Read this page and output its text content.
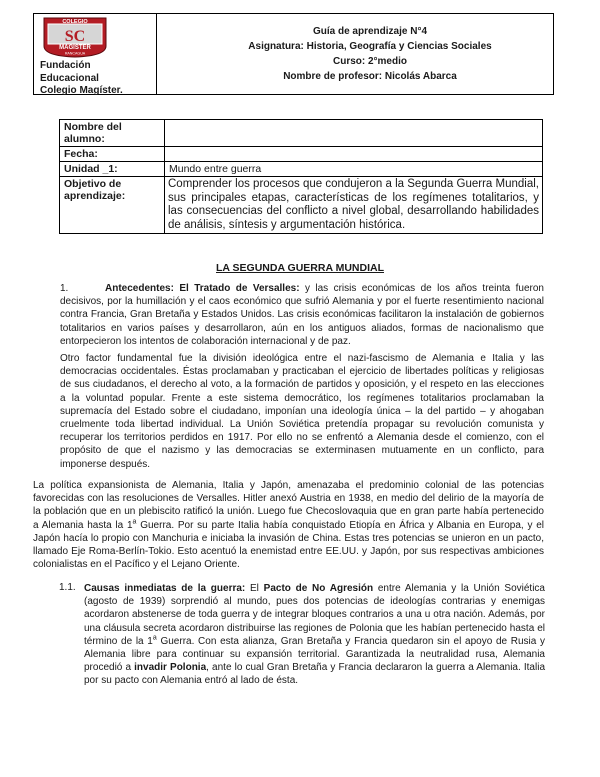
COLEGIO
SC
MAGISTER
RANCAGUA
Fundación
Educacional
Colegio Magíster.
Guía de aprendizaje N°4
Asignatura: Historia, Geografía y Ciencias Sociales
Curso: 2°medio
Nombre de profesor: Nicolás Abarca
Nombre del alumno:	
Fecha:	
Unidad _1:	Mundo entre guerra
Objetivo de aprendizaje:	Comprender los procesos que condujeron a la Segunda Guerra Mundial, sus principales etapas, características de los regímenes totalitarios, y las consecuencias del conflicto a nivel global, desarrollando habilidades de análisis, síntesis y argumentación histórica.
LA SEGUNDA GUERRA MUNDIAL
1.	Antecedentes: El Tratado de Versalles: y las crisis económicas de los años treinta fueron decisivos, por la humillación y el caos económico que sufrió Alemania y por el fuerte resentimiento nacional contra Francia, Gran Bretaña y Estados Unidos. Las crisis económicas facilitaron la instalación de gobiernos totalitarios en varios países y desarrollaron, aún en los antiguos aliados, formas de nacionalismo que entorpecieron los intentos de colaboración internacional y de paz.
Otro factor fundamental fue la división ideológica entre el nazi-fascismo de Alemania e Italia y las democracias occidentales. Éstas proclamaban y practicaban el ejercicio de libertades políticas y religiosas de sus ciudadanos, el derecho al voto, a la formación de partidos y oposición, y el respeto en las elecciones a la voluntad popular. Frente a este sistema democrático, los regímenes totalitarios proclamaban la supremacía del Estado sobre el ciudadano, imponían una ideología única – la del partido – y ahogaban cruelmente toda libertad individual. La Unión Soviética pretendía propagar su revolución comunista y recuperar los territorios perdidos en 1917. Por ello no se enfrentó a Alemania desde el comienzo, con el propósito de que el nazismo y las democracias se exterminasen mutuamente en un conflicto, para imponerse después.
La política expansionista de Alemania, Italia y Japón, amenazaba el predominio colonial de las potencias favorecidas con las resoluciones de Versalles. Hitler anexó Austria en 1938, en medio del delirio de la mayoría de la población que en un plebiscito ratificó la unión. Luego fue Checoslovaquia que en gran parte había pertenecido a Alemania hasta la 1$^a$ Guerra. Por su parte Italia había conquistado Etiopía en África y Albania en Europa, y el Japón hacía lo propio con Manchuria e iniciaba la invasión de China. Estas tres potencias se unieron en un pacto, llamado Eje Roma-Berlín-Tokio. Esto acentuó la enemistad entre EE.UU. y Japón, por sus respectivas ambiciones colonialistas en el Pacífico y el Lejano Oriente.
1.1. Causas inmediatas de la guerra: El Pacto de No Agresión entre Alemania y la Unión Soviética (agosto de 1939) sorprendió al mundo, pues dos potencias de ideologías contrarias y enemigas acordaron abstenerse de toda guerra y de integrar bloques contrarios a una u otra nación. Además, por una cláusula secreta acordaron distribuirse las regiones de Polonia que les habían pertenecido hasta el término de la 1$^a$ Guerra. Con esta alianza, Gran Bretaña y Francia quedaron sin el apoyo de Rusia y Alemania libre para continuar su expansión territorial. Garantizada la neutralidad rusa, Alemania procedió a invadir Polonia, ante lo cual Gran Bretaña y Francia declararon la guerra a Alemania. Italia por su pacto con Alemania entró al lado de ésta.
